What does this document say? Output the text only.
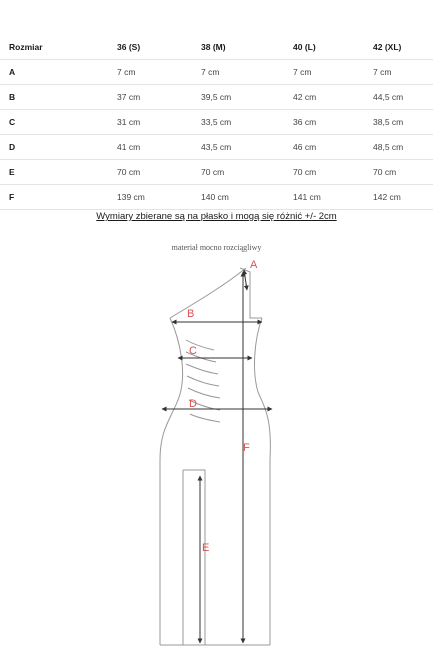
Rozmiar	36 (S)	38 (M)	40 (L)	42 (XL)
A	7 cm	7 cm	7 cm	7 cm
B	37 cm	39,5 cm	42 cm	44,5 cm
C	31 cm	33,5 cm	36 cm	38,5 cm
D	41 cm	43,5 cm	46 cm	48,5 cm
E	70 cm	70 cm	70 cm	70 cm
F	139 cm	140 cm	141 cm	142 cm
Wymiary zbierane są na płasko i mogą się różnić +/- 2cm
materiał mocno rozciągliwy
A
B
C
D
E
F
